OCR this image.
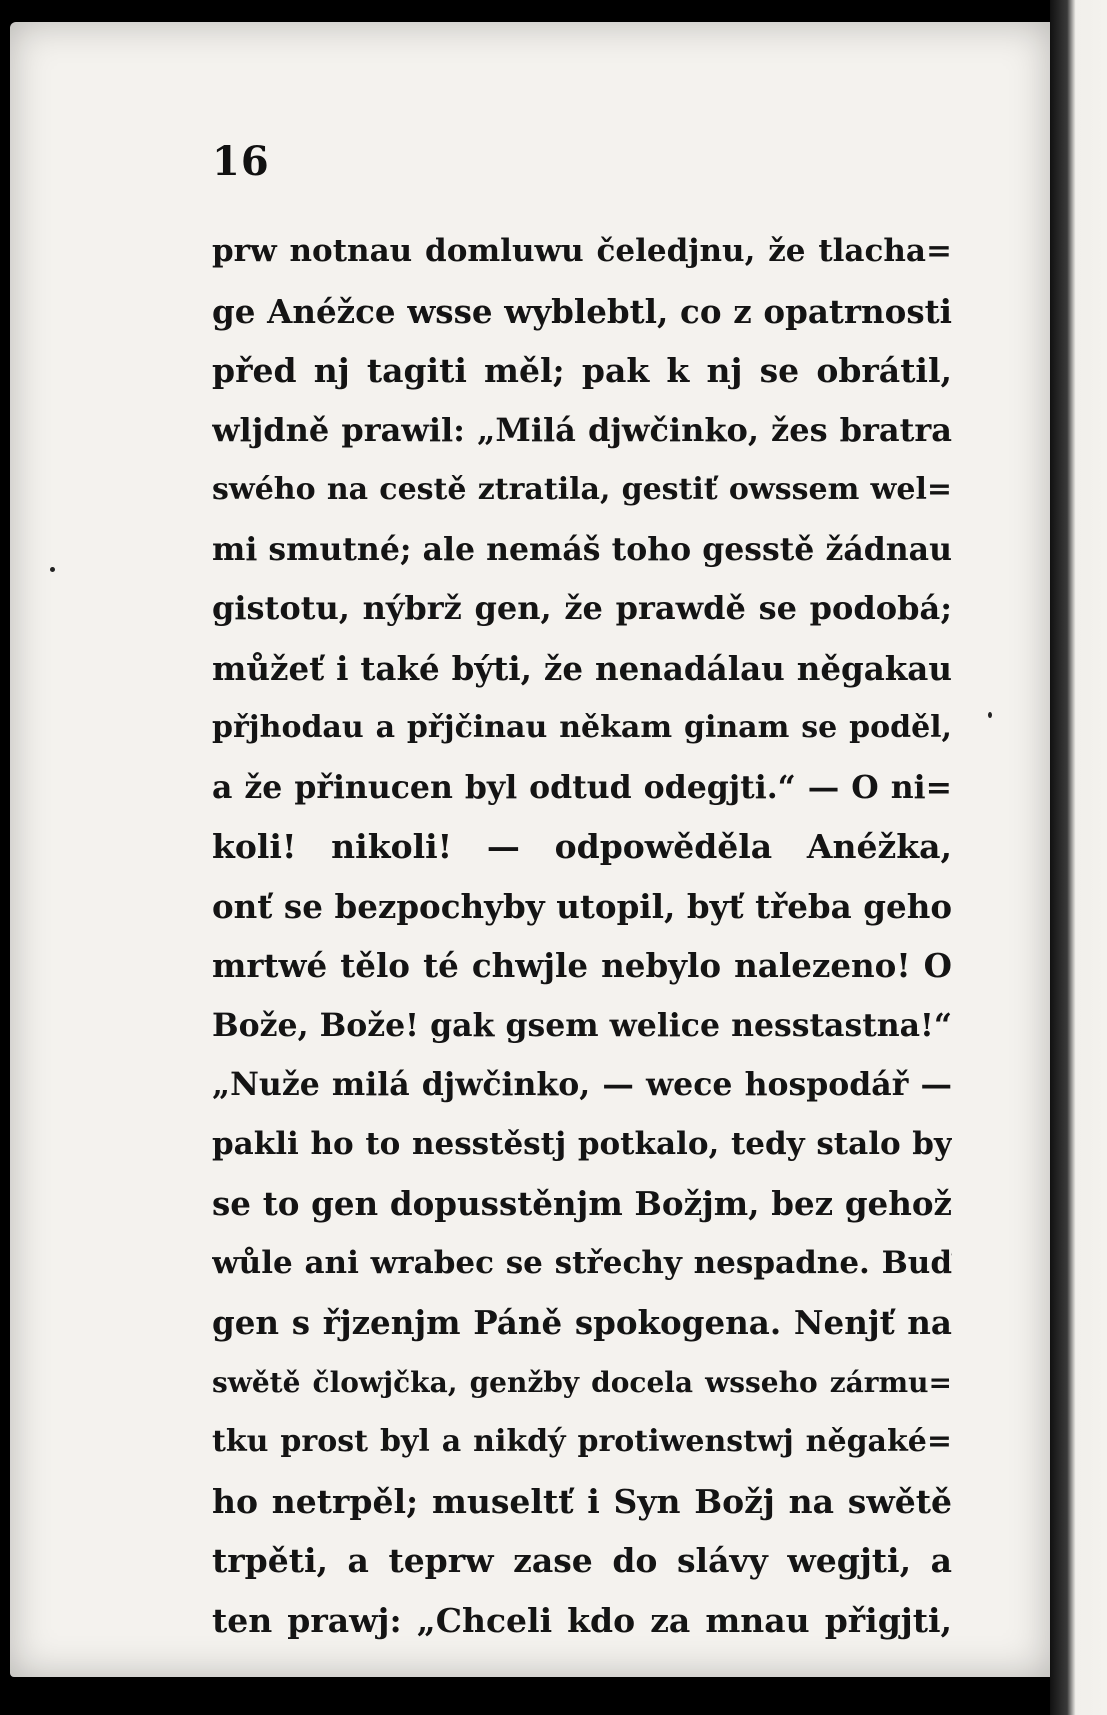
16
prw notnau domluwu čeledjnu, že tlacha=
ge Anéžce wsse wyblebtl, co z opatrnosti
před nj tagiti měl; pak k nj se obrátil,
wljdně prawil: „Milá djwčinko, žes bratra
swého na cestě ztratila, gestiť owssem wel=
mi smutné; ale nemáš toho gesstě žádnau
gistotu, nýbrž gen, že prawdě se podobá;
můžeť i také býti, že nenadálau něgakau
přjhodau a přjčinau někam ginam se poděl,
a že přinucen byl odtud odegjti.“ — O ni=
koli! nikoli! — odpowěděla Anéžka,
onť se bezpochyby utopil, byť třeba geho
mrtwé tělo té chwjle nebylo nalezeno! O
Bože, Bože! gak gsem welice nesstastna!“
„Nuže milá djwčinko, — wece hospodář —
pakli ho to nesstěstj potkalo, tedy stalo by
se to gen dopusstěnjm Božjm, bez gehož
wůle ani wrabec se střechy nespadne. Buď
gen s řjzenjm Páně spokogena. Nenjť na
swětě člowjčka, genžby docela wsseho zármu=
tku prost byl a nikdý protiwenstwj něgaké=
ho netrpěl; museltť i Syn Božj na swětě
trpěti, a teprw zase do slávy wegjti, a
ten prawj: „Chceli kdo za mnau přigjti,
